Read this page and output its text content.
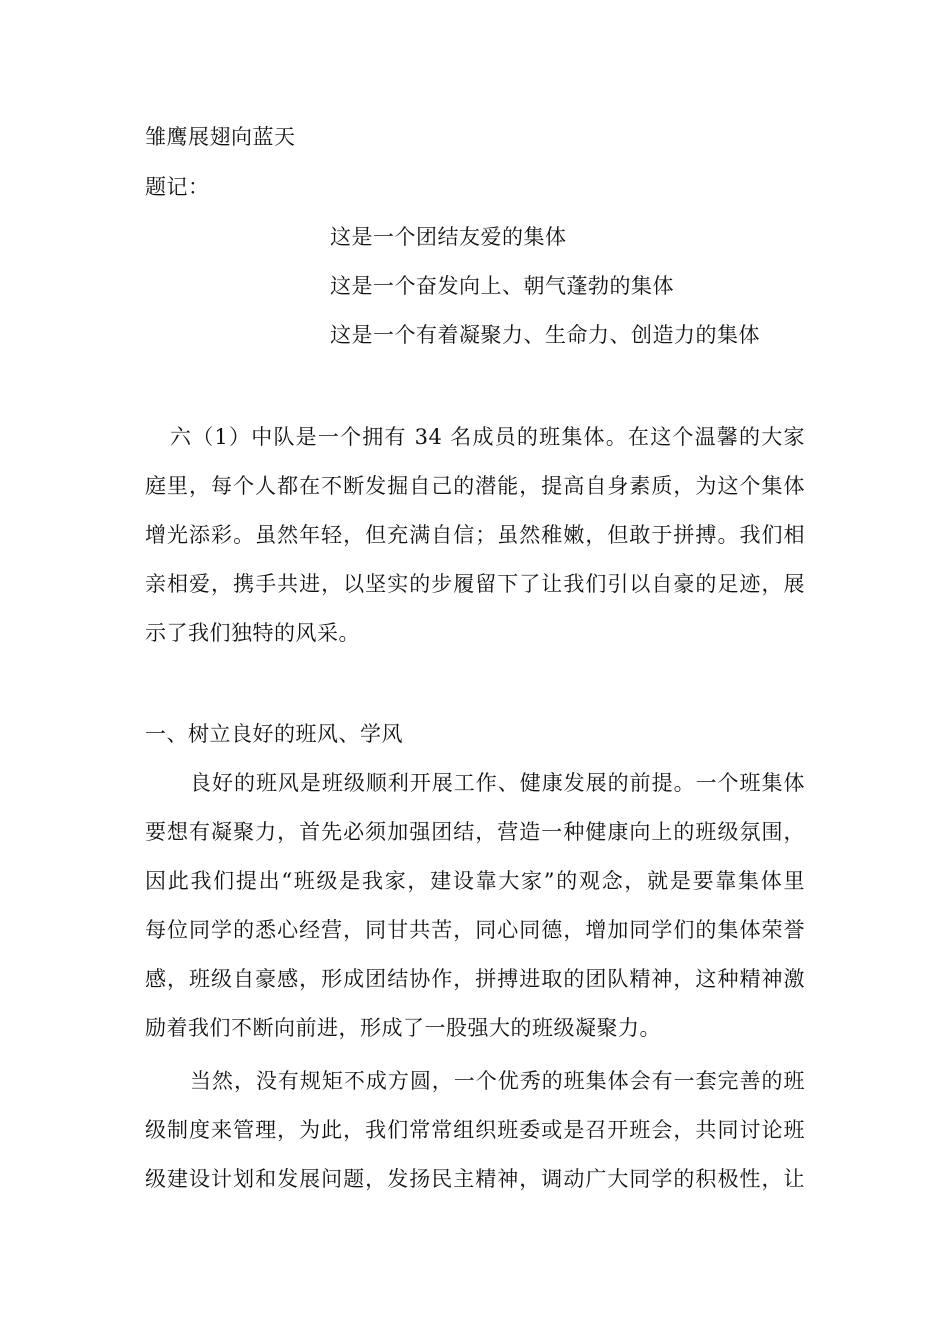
雏鹰展翅向蓝天
题记：
这是一个团结友爱的集体
这是一个奋发向上、朝气蓬勃的集体
这是一个有着凝聚力、生命力、创造力的集体
六（1）中队是一个拥有 34 名成员的班集体。在这个温馨的大家
庭里，每个人都在不断发掘自己的潜能，提高自身素质，为这个集体
增光添彩。虽然年轻，但充满自信；虽然稚嫩，但敢于拼搏。我们相
亲相爱，携手共进，以坚实的步履留下了让我们引以自豪的足迹，展
示了我们独特的风采。
一、树立良好的班风、学风
良好的班风是班级顺利开展工作、健康发展的前提。一个班集体
要想有凝聚力，首先必须加强团结，营造一种健康向上的班级氛围，
因此我们提出“班级是我家，建设靠大家”的观念，就是要靠集体里
每位同学的悉心经营，同甘共苦，同心同德，增加同学们的集体荣誉
感，班级自豪感，形成团结协作，拼搏进取的团队精神，这种精神激
励着我们不断向前进，形成了一股强大的班级凝聚力。
当然，没有规矩不成方圆，一个优秀的班集体会有一套完善的班
级制度来管理，为此，我们常常组织班委或是召开班会，共同讨论班
级建设计划和发展问题，发扬民主精神，调动广大同学的积极性，让
